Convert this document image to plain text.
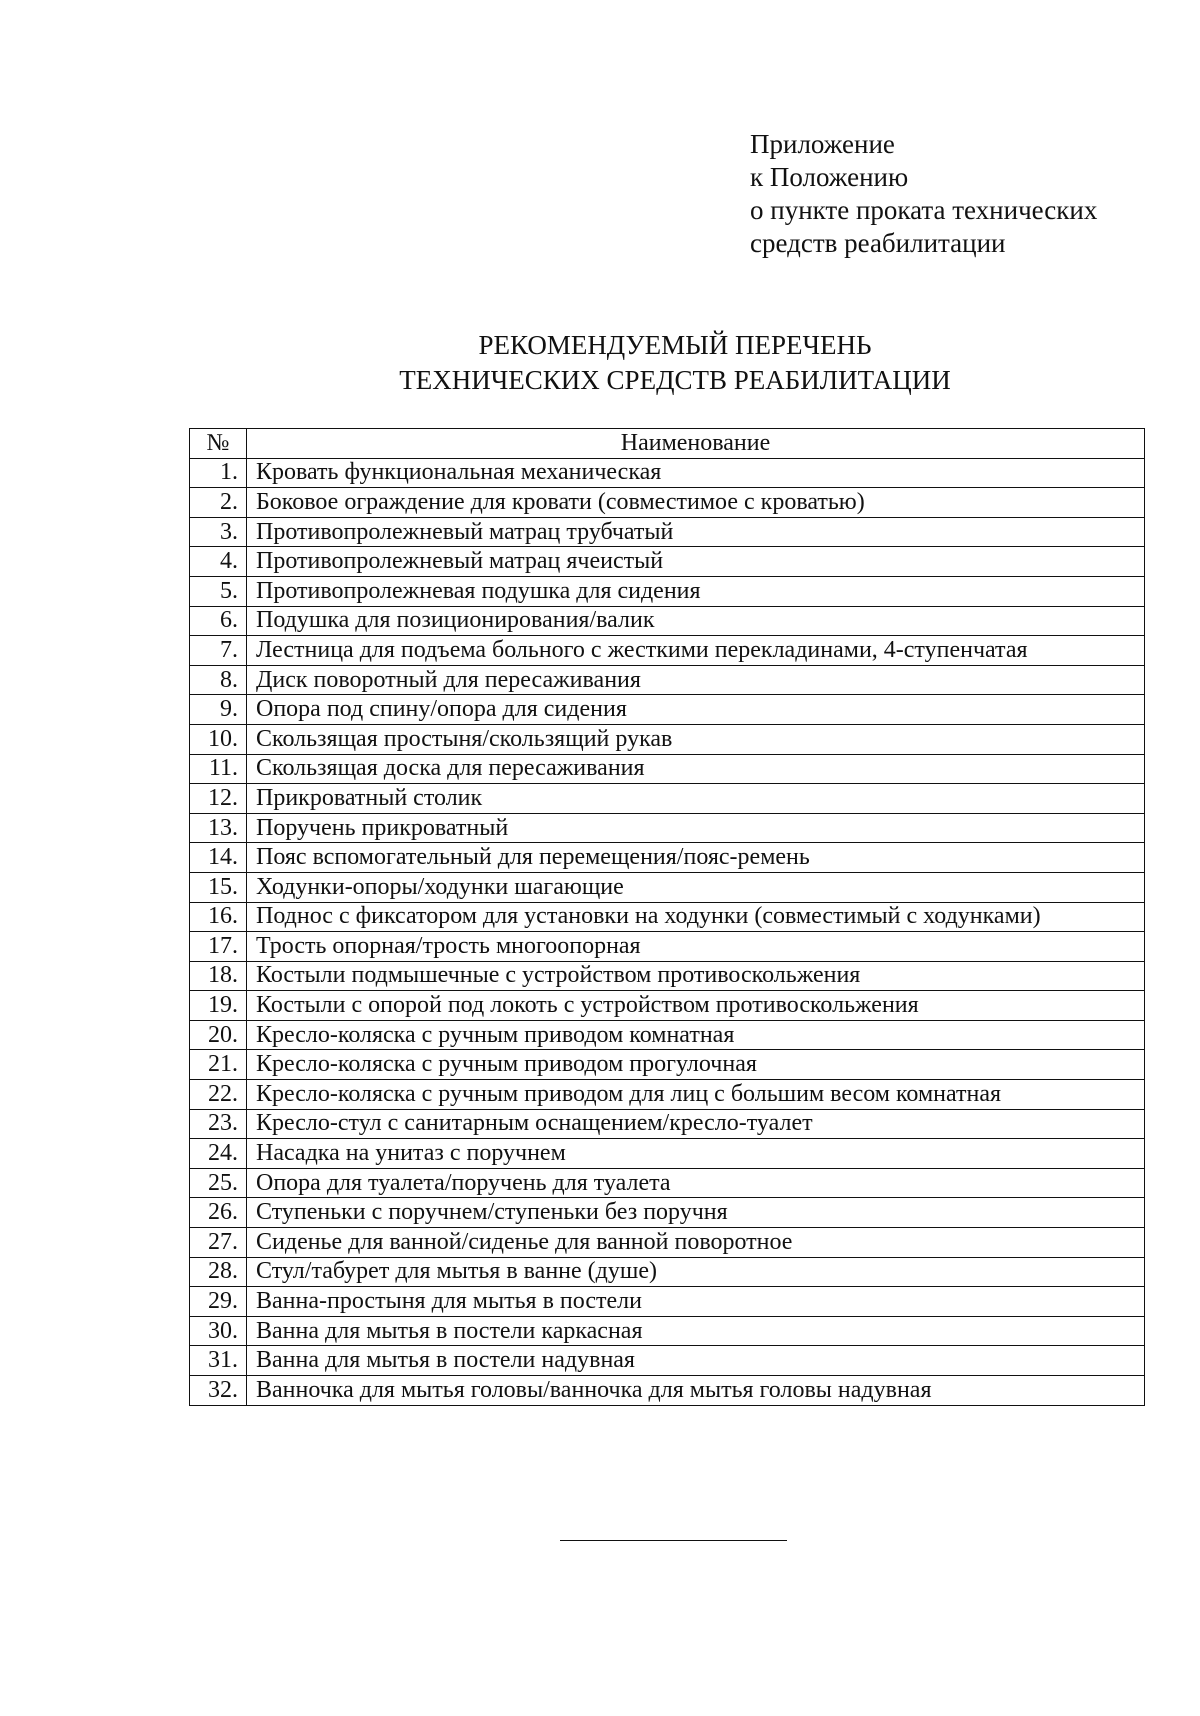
Приложение
к Положению
о пункте проката технических
средств реабилитации
РЕКОМЕНДУЕМЫЙ ПЕРЕЧЕНЬ
ТЕХНИЧЕСКИХ СРЕДСТВ РЕАБИЛИТАЦИИ
№	Наименование
1.	Кровать функциональная механическая
2.	Боковое ограждение для кровати (совместимое с кроватью)
3.	Противопролежневый матрац трубчатый
4.	Противопролежневый матрац ячеистый
5.	Противопролежневая подушка для сидения
6.	Подушка для позиционирования/валик
7.	Лестница для подъема больного с жесткими перекладинами, 4-ступенчатая
8.	Диск поворотный для пересаживания
9.	Опора под спину/опора для сидения
10.	Скользящая простыня/скользящий рукав
11.	Скользящая доска для пересаживания
12.	Прикроватный столик
13.	Поручень прикроватный
14.	Пояс вспомогательный для перемещения/пояс-ремень
15.	Ходунки-опоры/ходунки шагающие
16.	Поднос с фиксатором для установки на ходунки (совместимый с ходунками)
17.	Трость опорная/трость многоопорная
18.	Костыли подмышечные с устройством противоскольжения
19.	Костыли с опорой под локоть с устройством противоскольжения
20.	Кресло-коляска с ручным приводом комнатная
21.	Кресло-коляска с ручным приводом прогулочная
22.	Кресло-коляска с ручным приводом для лиц с большим весом комнатная
23.	Кресло-стул с санитарным оснащением/кресло-туалет
24.	Насадка на унитаз с поручнем
25.	Опора для туалета/поручень для туалета
26.	Ступеньки с поручнем/ступеньки без поручня
27.	Сиденье для ванной/сиденье для ванной поворотное
28.	Стул/табурет для мытья в ванне (душе)
29.	Ванна-простыня для мытья в постели
30.	Ванна для мытья в постели каркасная
31.	Ванна для мытья в постели надувная
32.	Ванночка для мытья головы/ванночка для мытья головы надувная
